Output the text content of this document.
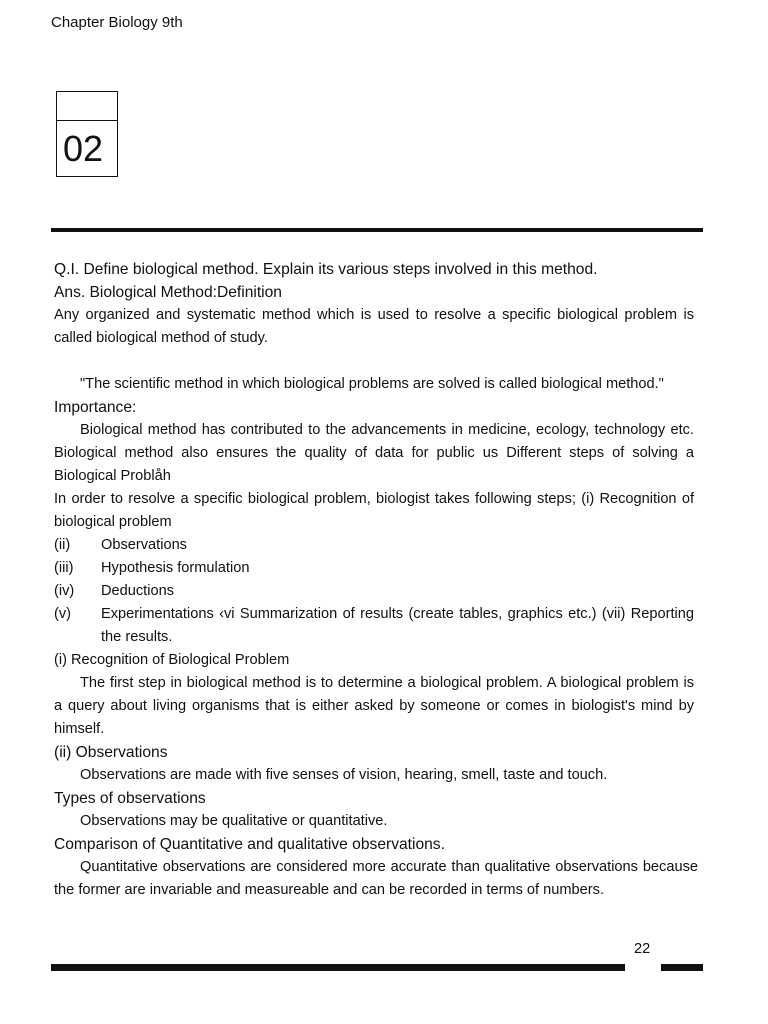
Chapter Biology 9th
02

Q.I. Define biological method. Explain its various steps involved in this method.

Ans. Biological Method:Definition

Any organized and systematic method which is used to resolve a specific biological problem is called biological method of study.

"The scientific method in which biological problems are solved is called biological method."

Importance:

Biological method has contributed to the advancements in medicine, ecology, technology etc. Biological method also ensures the quality of data for public us Different steps of solving a Biological Problåh

In order to resolve a specific biological problem, biologist takes following steps; (i) Recognition of biological problem

(ii)	Observations
(iii)	Hypothesis formulation
(iv)	Deductions
(v)	Experimentations ‹vi Summarization of results (create tables, graphics etc.) (vii) Reporting the results.

(i) Recognition of Biological Problem

The first step in biological method is to determine a biological problem. A biological problem is a query about living organisms that is either asked by someone or comes in biologist's mind by himself.

(ii) Observations

Observations are made with five senses of vision, hearing, smell, taste and touch.

Types of observations

Observations may be qualitative or quantitative.

Comparison of Quantitative and qualitative observations.

Quantitative observations are considered more accurate than qualitative observations because the former are invariable and measureable and can be recorded in terms of numbers.

22
